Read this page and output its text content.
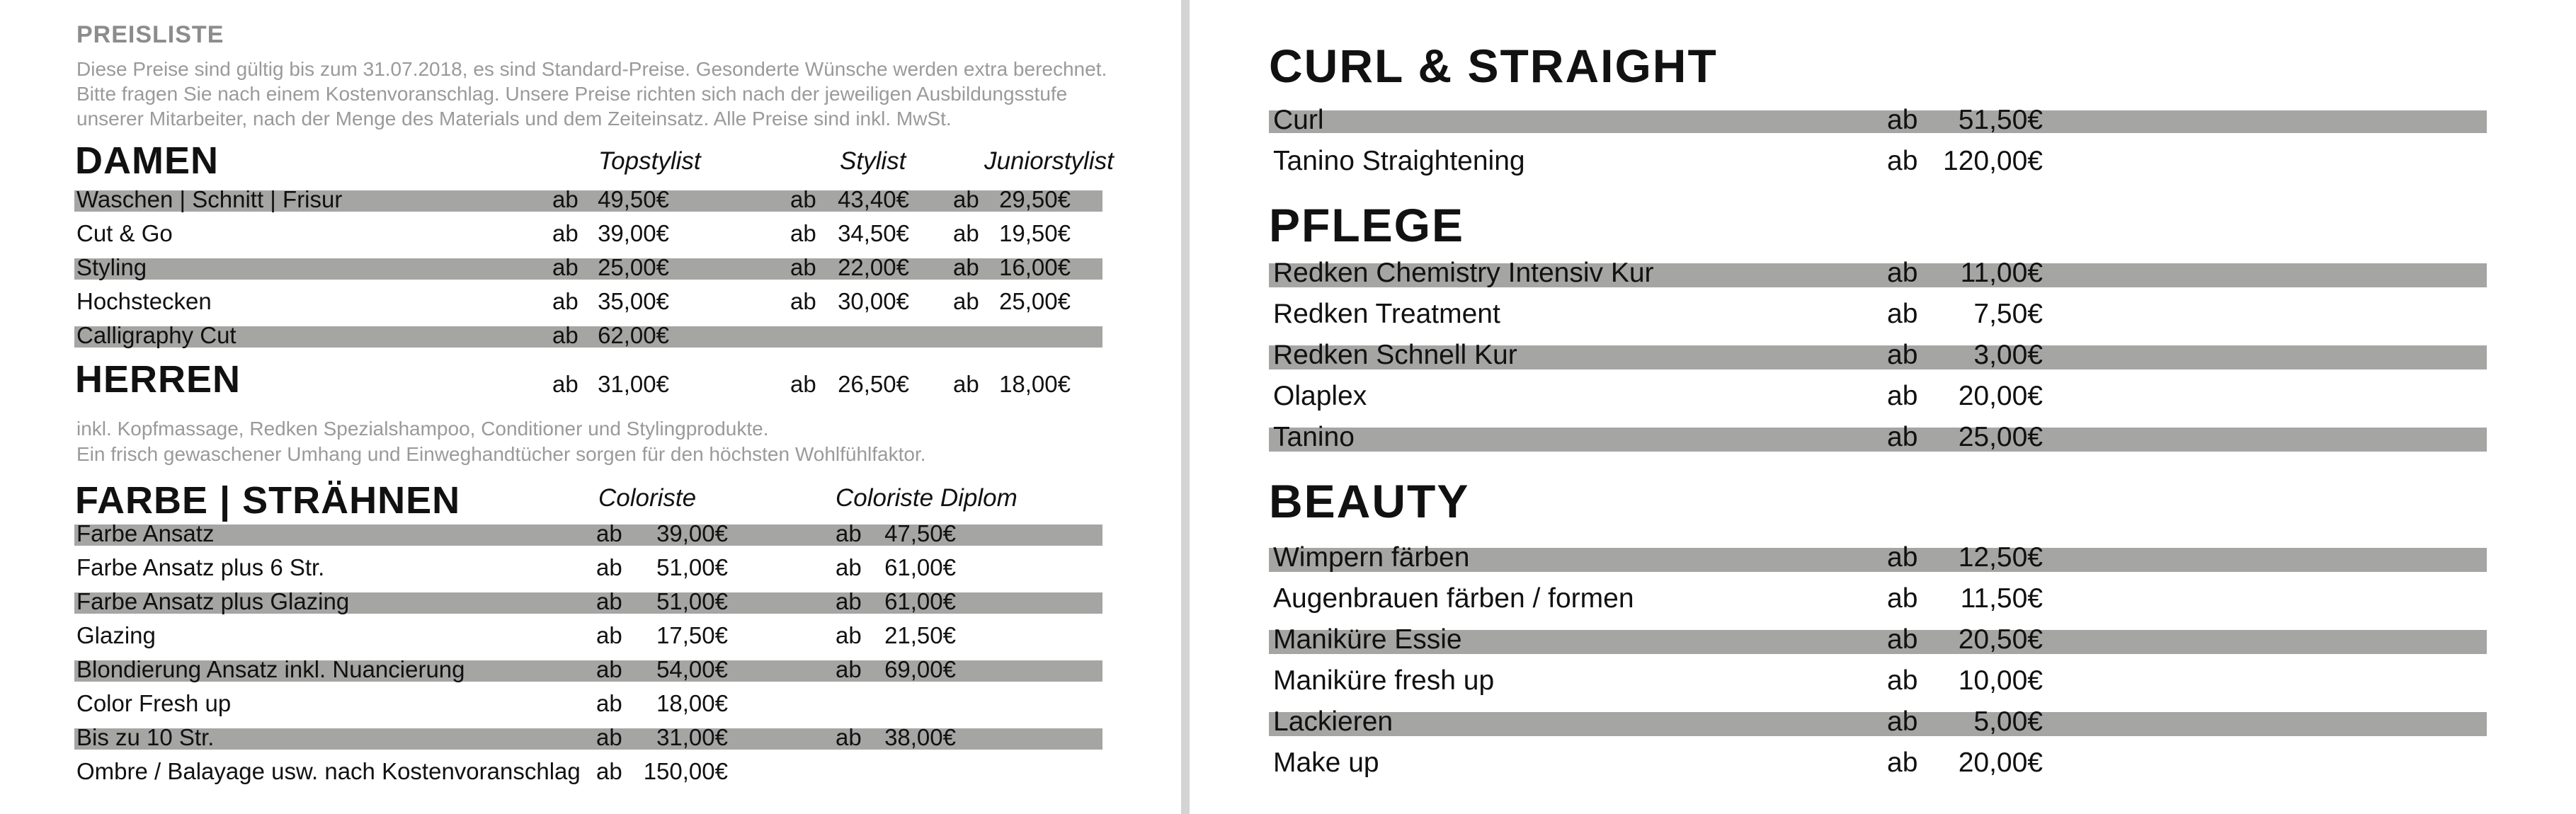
PREISLISTE
Diese Preise sind gültig bis zum 31.07.2018, es sind Standard-Preise. Gesonderte Wünsche werden extra berechnet.
Bitte fragen Sie nach einem Kostenvoranschlag. Unsere Preise richten sich nach der jeweiligen Ausbildungsstufe
unserer Mitarbeiter, nach der Menge des Materials und dem Zeiteinsatz. Alle Preise sind inkl. MwSt.
DAMEN	Topstylist	Stylist	Juniorstylist
Waschen | Schnitt | Frisur	ab 49,50€	ab 43,40€ ab 29,50€
Cut & Go	ab 39,00€	ab 34,50€ ab 19,50€
Styling	ab 25,00€	ab 22,00€ ab 16,00€
Hochstecken	ab 35,00€	ab 30,00€ ab 25,00€
Calligraphy Cut	ab 62,00€
HERREN	ab 31,00€	ab 26,50€ ab 18,00€
inkl. Kopfmassage, Redken Spezialshampoo, Conditioner und Stylingprodukte.
Ein frisch gewaschener Umhang und Einweghandtücher sorgen für den höchsten Wohlfühlfaktor.
FARBE | STRÄHNEN	Coloriste	Coloriste Diplom
Farbe Ansatz	ab	39,00€	ab 47,50€
Farbe Ansatz plus 6 Str.	ab	51,00€	ab 61,00€
Farbe Ansatz plus Glazing	ab	51,00€	ab 61,00€
Glazing	ab	17,50€	ab 21,50€
Blondierung Ansatz inkl. Nuancierung	ab	54,00€	ab 69,00€
Color Fresh up	ab	18,00€
Bis zu 10 Str.	ab	31,00€	ab 38,00€
Ombre / Balayage usw. nach Kostenvoranschlag ab 150,00€
CURL & STRAIGHT
Curl	ab	51,50€
Tanino Straightening	ab 120,00€
PFLEGE
Redken Chemistry Intensiv Kur	ab	11,00€
Redken Treatment	ab	7,50€
Redken Schnell Kur	ab	3,00€
Olaplex	ab	20,00€
Tanino	ab	25,00€
BEAUTY
Wimpern färben	ab	12,50€
Augenbrauen färben / formen	ab	11,50€
Maniküre Essie	ab	20,50€
Maniküre fresh up	ab	10,00€
Lackieren	ab	5,00€
Make up	ab	20,00€
